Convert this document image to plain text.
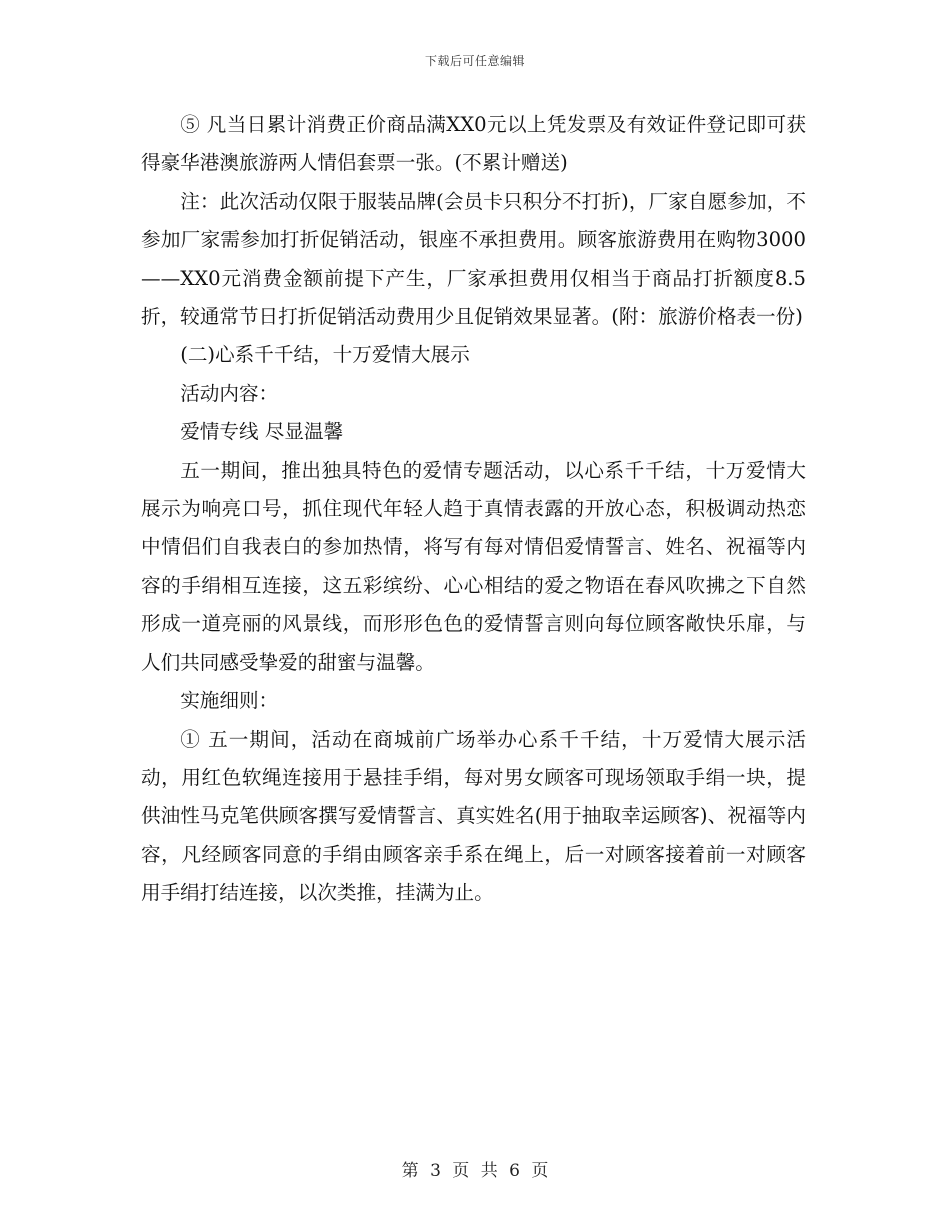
下载后可任意编辑

⑤ 凡当日累计消费正价商品满XX0元以上凭发票及有效证件登记即可获得豪华港澳旅游两人情侣套票一张。(不累计赠送)

注：此次活动仅限于服装品牌(会员卡只积分不打折)，厂家自愿参加，不参加厂家需参加打折促销活动，银座不承担费用。顾客旅游费用在购物3000——XX0元消费金额前提下产生，厂家承担费用仅相当于商品打折额度8.5折，较通常节日打折促销活动费用少且促销效果显著。(附：旅游价格表一份)

(二)心系千千结，十万爱情大展示

活动内容：

爱情专线 尽显温馨

五一期间，推出独具特色的爱情专题活动，以心系千千结，十万爱情大展示为响亮口号，抓住现代年轻人趋于真情表露的开放心态，积极调动热恋中情侣们自我表白的参加热情，将写有每对情侣爱情誓言、姓名、祝福等内容的手绢相互连接，这五彩缤纷、心心相结的爱之物语在春风吹拂之下自然形成一道亮丽的风景线，而形形色色的爱情誓言则向每位顾客敞快乐扉，与人们共同感受挚爱的甜蜜与温馨。

实施细则：

① 五一期间，活动在商城前广场举办心系千千结，十万爱情大展示活动，用红色软绳连接用于悬挂手绢，每对男女顾客可现场领取手绢一块，提供油性马克笔供顾客撰写爱情誓言、真实姓名(用于抽取幸运顾客)、祝福等内容，凡经顾客同意的手绢由顾客亲手系在绳上，后一对顾客接着前一对顾客用手绢打结连接，以次类推，挂满为止。

第 3 页 共 6 页
